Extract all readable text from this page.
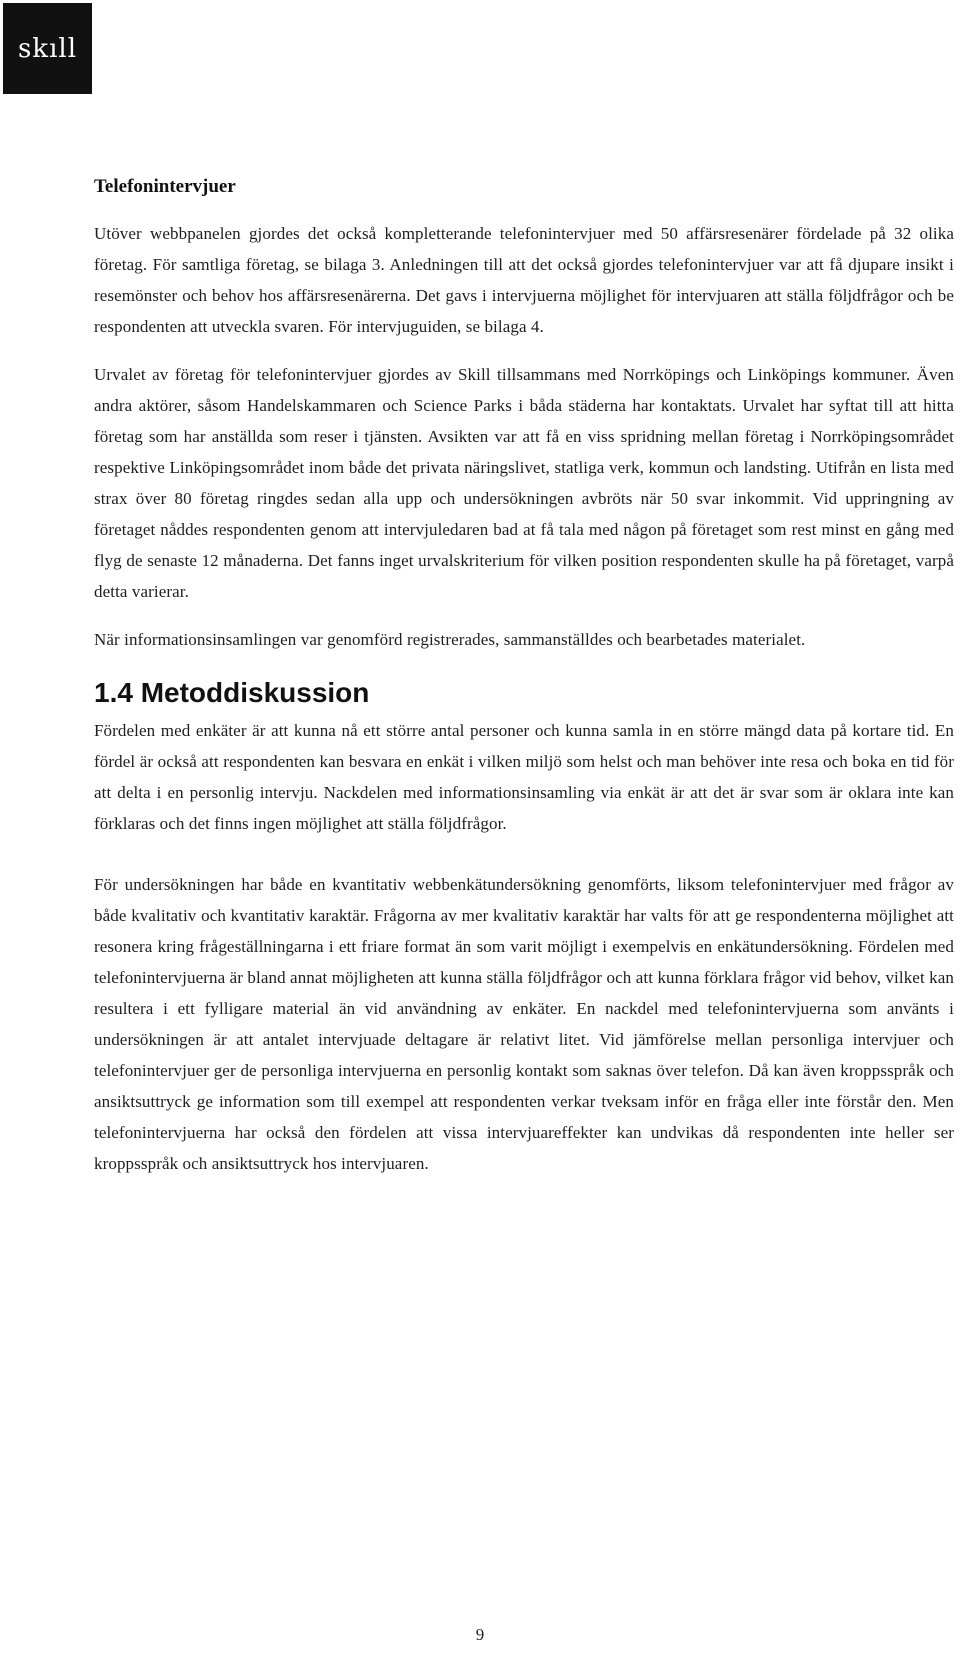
skıll
Telefonintervjuer

Utöver webbpanelen gjordes det också kompletterande telefonintervjuer med 50 affärsresenärer fördelade på 32 olika företag. För samtliga företag, se bilaga 3. Anledningen till att det också gjordes telefonintervjuer var att få djupare insikt i resemönster och behov hos affärsresenärerna. Det gavs i intervjuerna möjlighet för intervjuaren att ställa följdfrågor och be respondenten att utveckla svaren. För intervjuguiden, se bilaga 4.

Urvalet av företag för telefonintervjuer gjordes av Skill tillsammans med Norrköpings och Linköpings kommuner. Även andra aktörer, såsom Handelskammaren och Science Parks i båda städerna har kontaktats. Urvalet har syftat till att hitta företag som har anställda som reser i tjänsten. Avsikten var att få en viss spridning mellan företag i Norrköpingsområdet respektive Linköpingsområdet inom både det privata näringslivet, statliga verk, kommun och landsting. Utifrån en lista med strax över 80 företag ringdes sedan alla upp och undersökningen avbröts när 50 svar inkommit. Vid uppringning av företaget nåddes respondenten genom att intervjuledaren bad at få tala med någon på företaget som rest minst en gång med flyg de senaste 12 månaderna. Det fanns inget urvalskriterium för vilken position respondenten skulle ha på företaget, varpå detta varierar.

När informationsinsamlingen var genomförd registrerades, sammanställdes och bearbetades materialet.

1.4 Metoddiskussion

Fördelen med enkäter är att kunna nå ett större antal personer och kunna samla in en större mängd data på kortare tid. En fördel är också att respondenten kan besvara en enkät i vilken miljö som helst och man behöver inte resa och boka en tid för att delta i en personlig intervju. Nackdelen med informationsinsamling via enkät är att det är svar som är oklara inte kan förklaras och det finns ingen möjlighet att ställa följdfrågor.

För undersökningen har både en kvantitativ webbenkätundersökning genomförts, liksom telefonintervjuer med frågor av både kvalitativ och kvantitativ karaktär. Frågorna av mer kvalitativ karaktär har valts för att ge respondenterna möjlighet att resonera kring frågeställningarna i ett friare format än som varit möjligt i exempelvis en enkätundersökning. Fördelen med telefonintervjuerna är bland annat möjligheten att kunna ställa följdfrågor och att kunna förklara frågor vid behov, vilket kan resultera i ett fylligare material än vid användning av enkäter. En nackdel med telefonintervjuerna som använts i undersökningen är att antalet intervjuade deltagare är relativt litet. Vid jämförelse mellan personliga intervjuer och telefonintervjuer ger de personliga intervjuerna en personlig kontakt som saknas över telefon. Då kan även kroppsspråk och ansiktsuttryck ge information som till exempel att respondenten verkar tveksam inför en fråga eller inte förstår den. Men telefonintervjuerna har också den fördelen att vissa intervjuareffekter kan undvikas då respondenten inte heller ser kroppsspråk och ansiktsuttryck hos intervjuaren.

9
